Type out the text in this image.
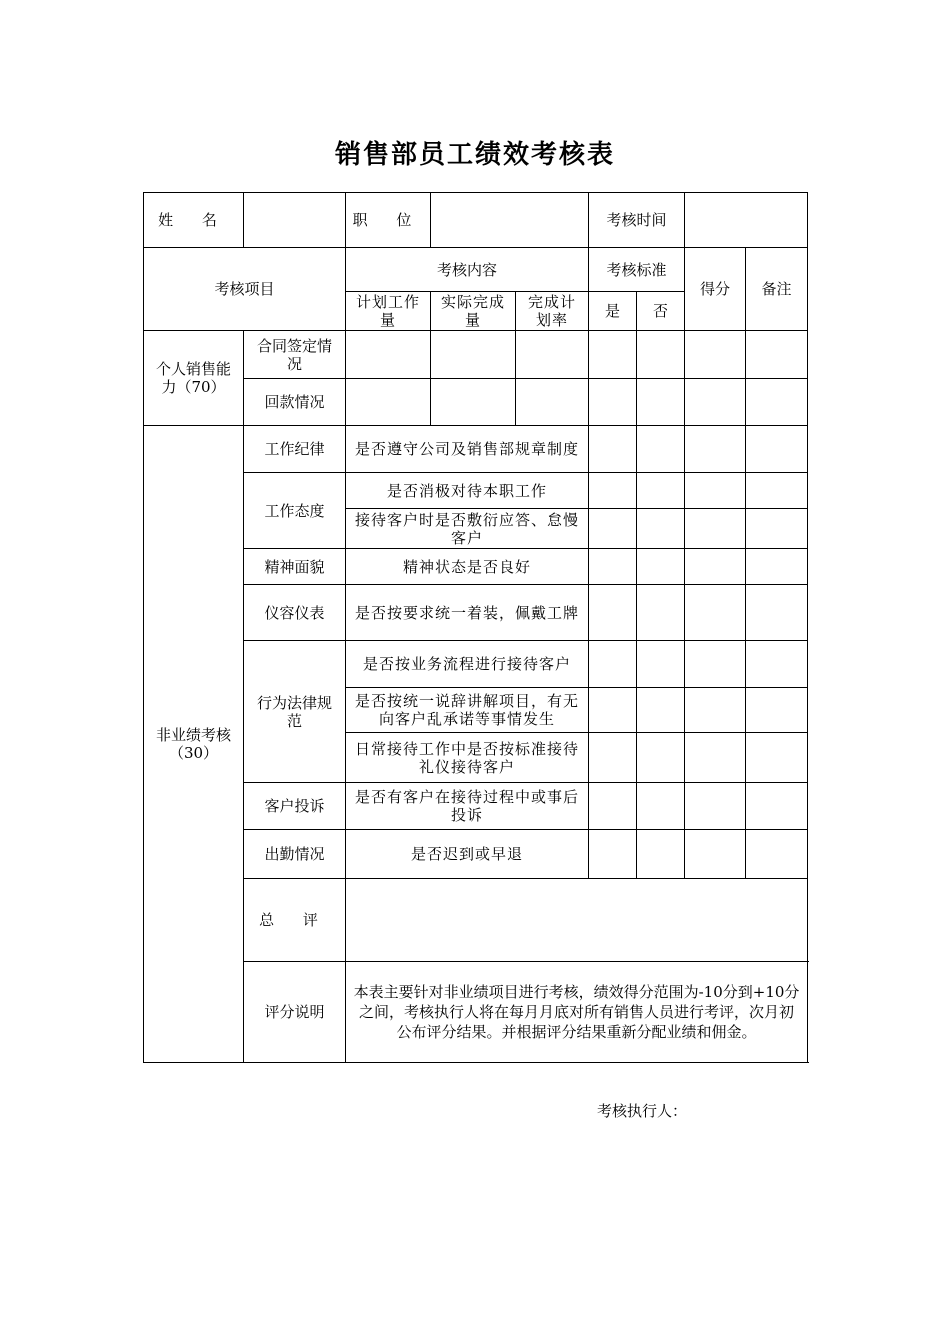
销售部员工绩效考核表
姓 名		职 位			考核时间			
考核项目		考核内容			考核标准		得分	备注
		计划工作量	实际完成量	完成计划率	是	否		
个人销售能力（70）	合同签定情况							
	回款情况							
非业绩考核（30）	工作纪律	是否遵守公司及销售部规章制度						
	工作态度	是否消极对待本职工作						
		接待客户时是否敷衍应答、怠慢客户						
	精神面貌	精神状态是否良好						
	仪容仪表	是否按要求统一着装，佩戴工牌						
	行为法律规范	是否按业务流程进行接待客户						
		是否按统一说辞讲解项目，有无向客户乱承诺等事情发生						
		日常接待工作中是否按标准接待礼仪接待客户						
	客户投诉	是否有客户在接待过程中或事后投诉						
	出勤情况	是否迟到或早退						
	总 评							
	评分说明	本表主要针对非业绩项目进行考核，绩效得分范围为-10分到+10分之间，考核执行人将在每月月底对所有销售人员进行考评，次月初公布评分结果。并根据评分结果重新分配业绩和佣金。						
考核执行人：
